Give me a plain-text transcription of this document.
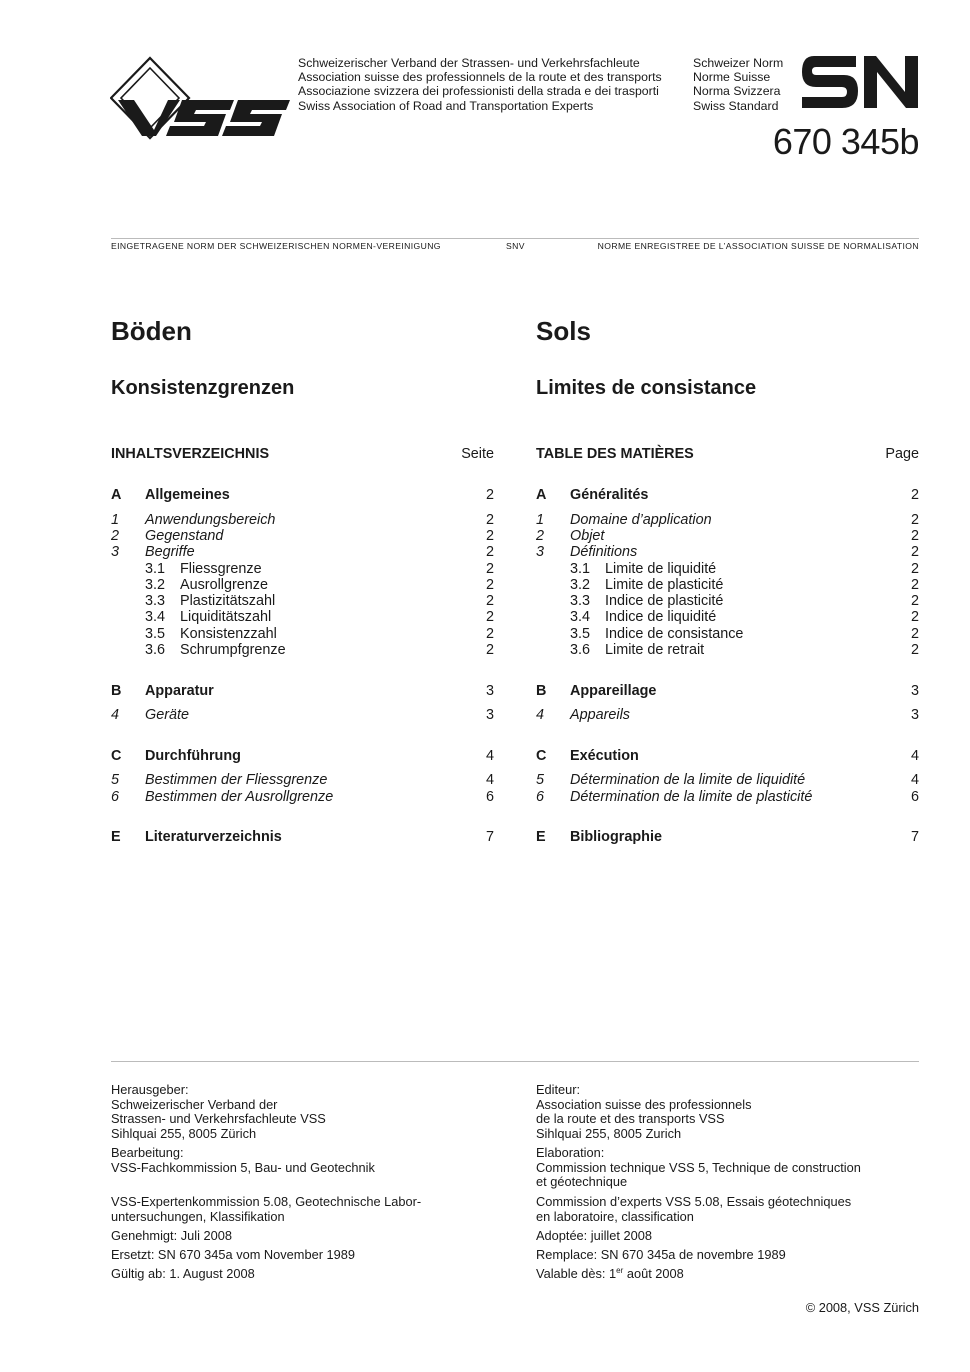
Schweizerischer Verband der Strassen- und Verkehrsfachleute
Association suisse des professionnels de la route et des transports
Associazione svizzera dei professionisti della strada e dei trasporti
Swiss Association of Road and Transportation Experts
Schweizer Norm
Norme Suisse
Norma Svizzera
Swiss Standard
670 345b
EINGETRAGENE NORM DER SCHWEIZERISCHEN NORMEN-VEREINIGUNG	SNV	NORME ENREGISTREE DE L’ASSOCIATION SUISSE DE NORMALISATION
Böden	Sols
Konsistenzgrenzen	Limites de consistance
INHALTSVERZEICHNIS	Seite	TABLE DES MATIÈRES	Page
A Allgemeines	2
1 Anwendungsbereich	2
2 Gegenstand	2
3 Begriffe	2
3.1 Fliessgrenze	2
3.2 Ausrollgrenze	2
3.3 Plastizitätszahl	2
3.4 Liquiditätszahl	2
3.5 Konsistenzzahl	2
3.6 Schrumpfgrenze	2
B Apparatur	3
4 Geräte	3
C Durchführung	4
5 Bestimmen der Fliessgrenze	4
6 Bestimmen der Ausrollgrenze	6
E Literaturverzeichnis	7
A Généralités	2
1 Domaine d’application	2
2 Objet	2
3 Définitions	2
3.1 Limite de liquidité	2
3.2 Limite de plasticité	2
3.3 Indice de plasticité	2
3.4 Indice de liquidité	2
3.5 Indice de consistance	2
3.6 Limite de retrait	2
B Appareillage	3
4 Appareils	3
C Exécution	4
5 Détermination de la limite de liquidité	4
6 Détermination de la limite de plasticité	6
E Bibliographie	7
Herausgeber:
Schweizerischer Verband der
Strassen- und Verkehrsfachleute VSS
Sihlquai 255, 8005 Zürich
Bearbeitung:
VSS-Fachkommission 5, Bau- und Geotechnik
VSS-Expertenkommission 5.08, Geotechnische Labor-
untersuchungen, Klassifikation
Genehmigt: Juli 2008
Ersetzt: SN 670 345a vom November 1989
Gültig ab: 1. August 2008
Editeur:
Association suisse des professionnels
de la route et des transports VSS
Sihlquai 255, 8005 Zurich
Elaboration:
Commission technique VSS 5, Technique de construction
et géotechnique
Commission d’experts VSS 5.08, Essais géotechniques
en laboratoire, classification
Adoptée: juillet 2008
Remplace: SN 670 345a de novembre 1989
Valable dès: 1er août 2008
© 2008, VSS Zürich
